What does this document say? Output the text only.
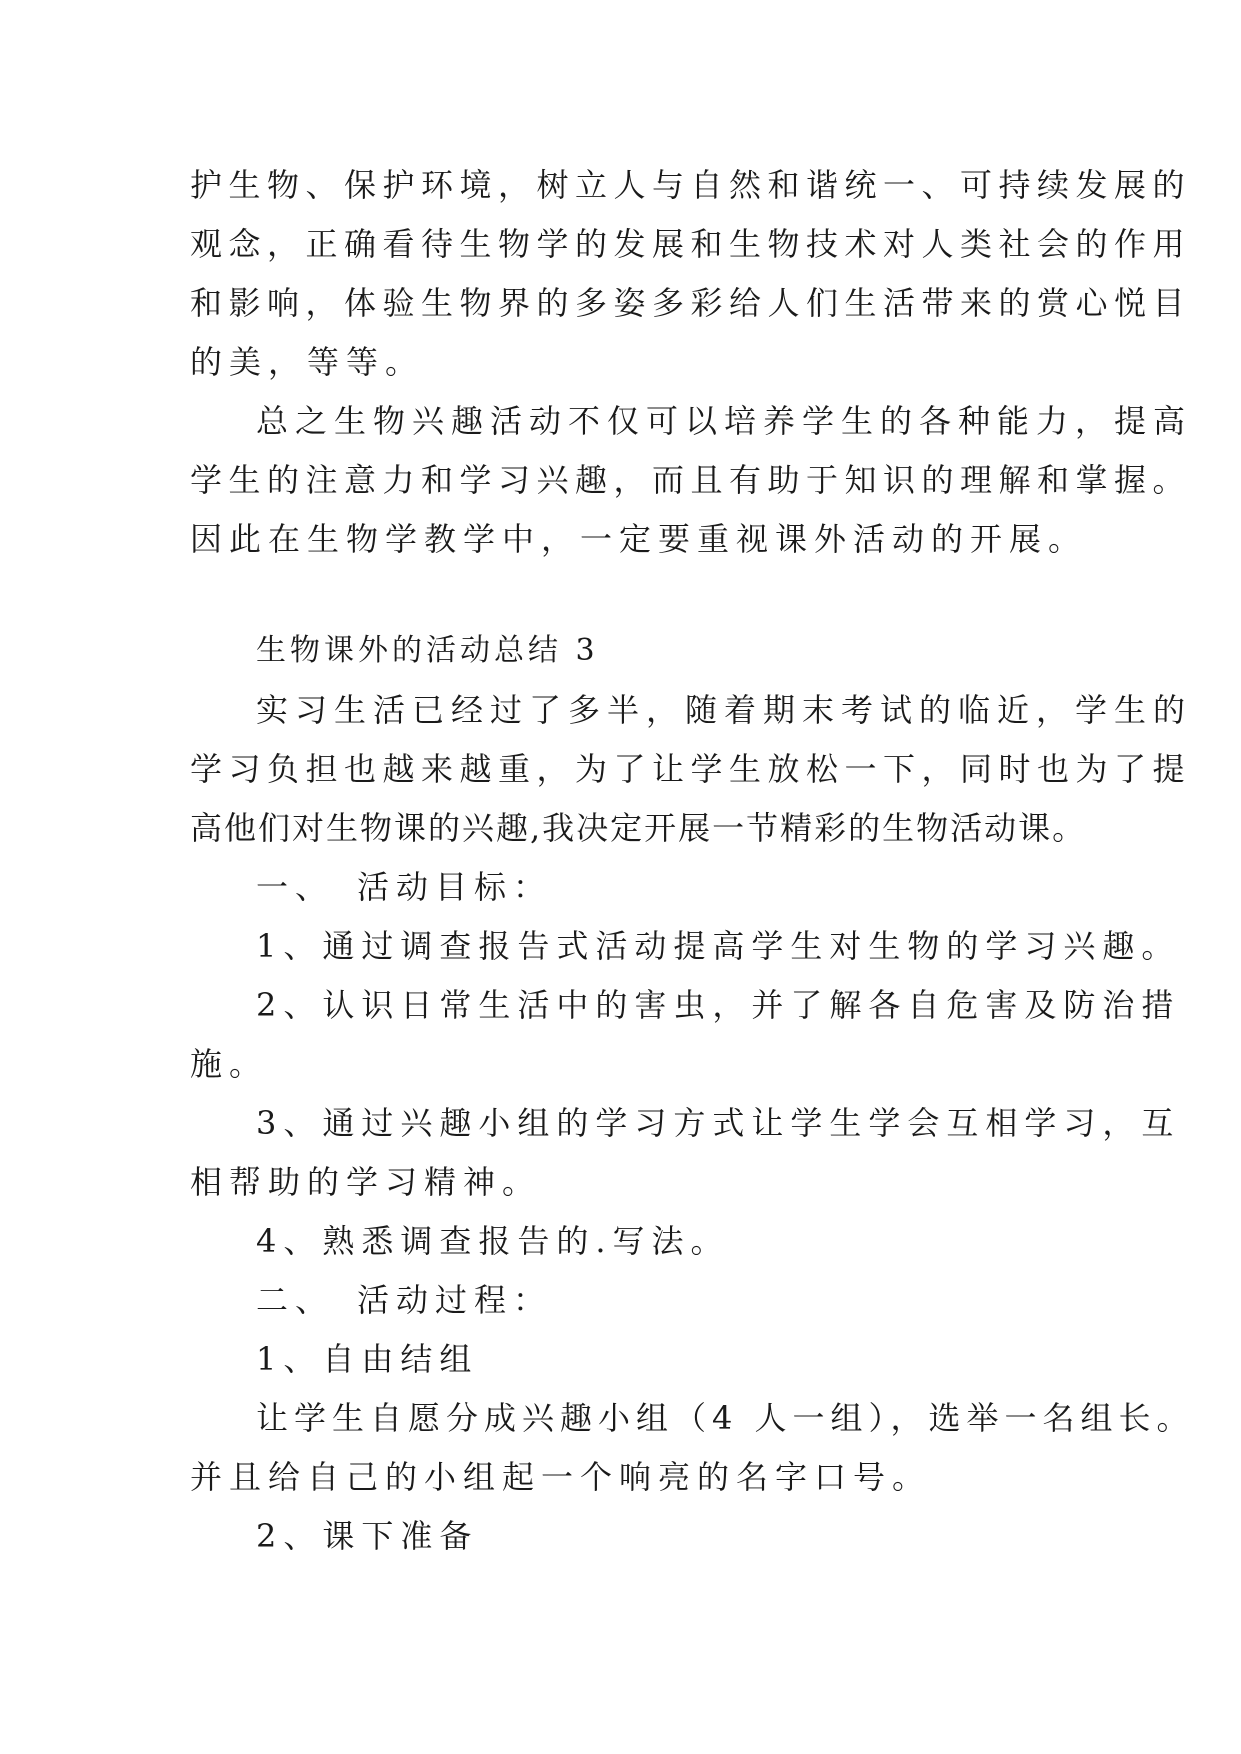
护生物、保护环境，树立人与自然和谐统一、可持续发展的
观念，正确看待生物学的发展和生物技术对人类社会的作用
和影响，体验生物界的多姿多彩给人们生活带来的赏心悦目
的美，等等。
总之生物兴趣活动不仅可以培养学生的各种能力，提高
学生的注意力和学习兴趣，而且有助于知识的理解和掌握。
因此在生物学教学中，一定要重视课外活动的开展。
生物课外的活动总结 3
实习生活已经过了多半，随着期末考试的临近，学生的
学习负担也越来越重，为了让学生放松一下，同时也为了提
高他们对生物课的兴趣,我决定开展一节精彩的生物活动课。
一、　活动目标：
1、通过调查报告式活动提高学生对生物的学习兴趣。
2、认识日常生活中的害虫，并了解各自危害及防治措
施。
3、通过兴趣小组的学习方式让学生学会互相学习，互
相帮助的学习精神。
4、熟悉调查报告的.写法。
二、　活动过程：
1、自由结组
让学生自愿分成兴趣小组（4 人一组），选举一名组长。
并且给自己的小组起一个响亮的名字口号。
2、课下准备
